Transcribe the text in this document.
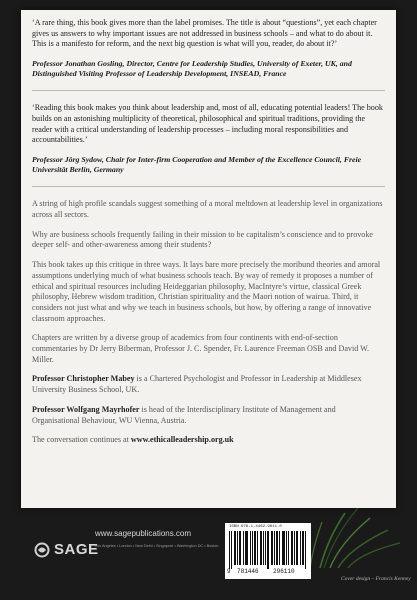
‘A rare thing, this book gives more than the label promises. The title is about “questions”, yet each chapter gives us answers to why important issues are not addressed in business schools – and what to do about it. This is a manifesto for reform, and the next big question is what will you, reader, do about it?’

Professor Jonathan Gosling, Director, Centre for Leadership Studies, University of Exeter, UK, and Distinguished Visiting Professor of Leadership Development, INSEAD, France

‘Reading this book makes you think about leadership and, most of all, educating potential leaders! The book builds on an astonishing multiplicity of theoretical, philosophical and spiritual traditions, providing the reader with a critical understanding of leadership processes – including moral responsibilities and accountabilities.’

Professor Jörg Sydow, Chair for Inter-firm Cooperation and Member of the Excellence Council, Freie Universität Berlin, Germany

A string of high profile scandals suggest something of a moral meltdown at leadership level in organizations across all sectors.

Why are business schools frequently failing in their mission to be capitalism’s conscience and to provoke deeper self- and other-awareness among their students?

This book takes up this critique in three ways. It lays bare more precisely the moribund theories and amoral assumptions underlying much of what business schools teach. By way of remedy it proposes a number of ethical and spiritual resources including Heideggarian philosophy, MacIntyre’s virtue, classical Greek philosophy, Hebrew wisdom tradition, Christian spirituality and the Maori notion of wairua. Third, it considers not just what and why we teach in business schools, but how, by offering a range of innovative classroom approaches.

Chapters are written by a diverse group of academics from four continents with end-of-section commentaries by Dr Jerry Biberman, Professor J. C. Spender, Fr. Laurence Freeman OSB and David W. Miller.

Professor Christopher Mabey is a Chartered Psychologist and Professor in Leadership at Middlesex University Business School, UK.

Professor Wolfgang Mayrhofer is head of the Interdisciplinary Institute of Management and Organisational Behaviour, WU Vienna, Austria.

The conversation continues at www.ethicalleadership.org.uk

www.sagepublications.com
SAGE
Los Angeles • London • New Delhi • Singapore • Washington DC • Boston
ISBN 978-1-4462-9611-0
9 781446 296110
Cover design – Francis Kenney
